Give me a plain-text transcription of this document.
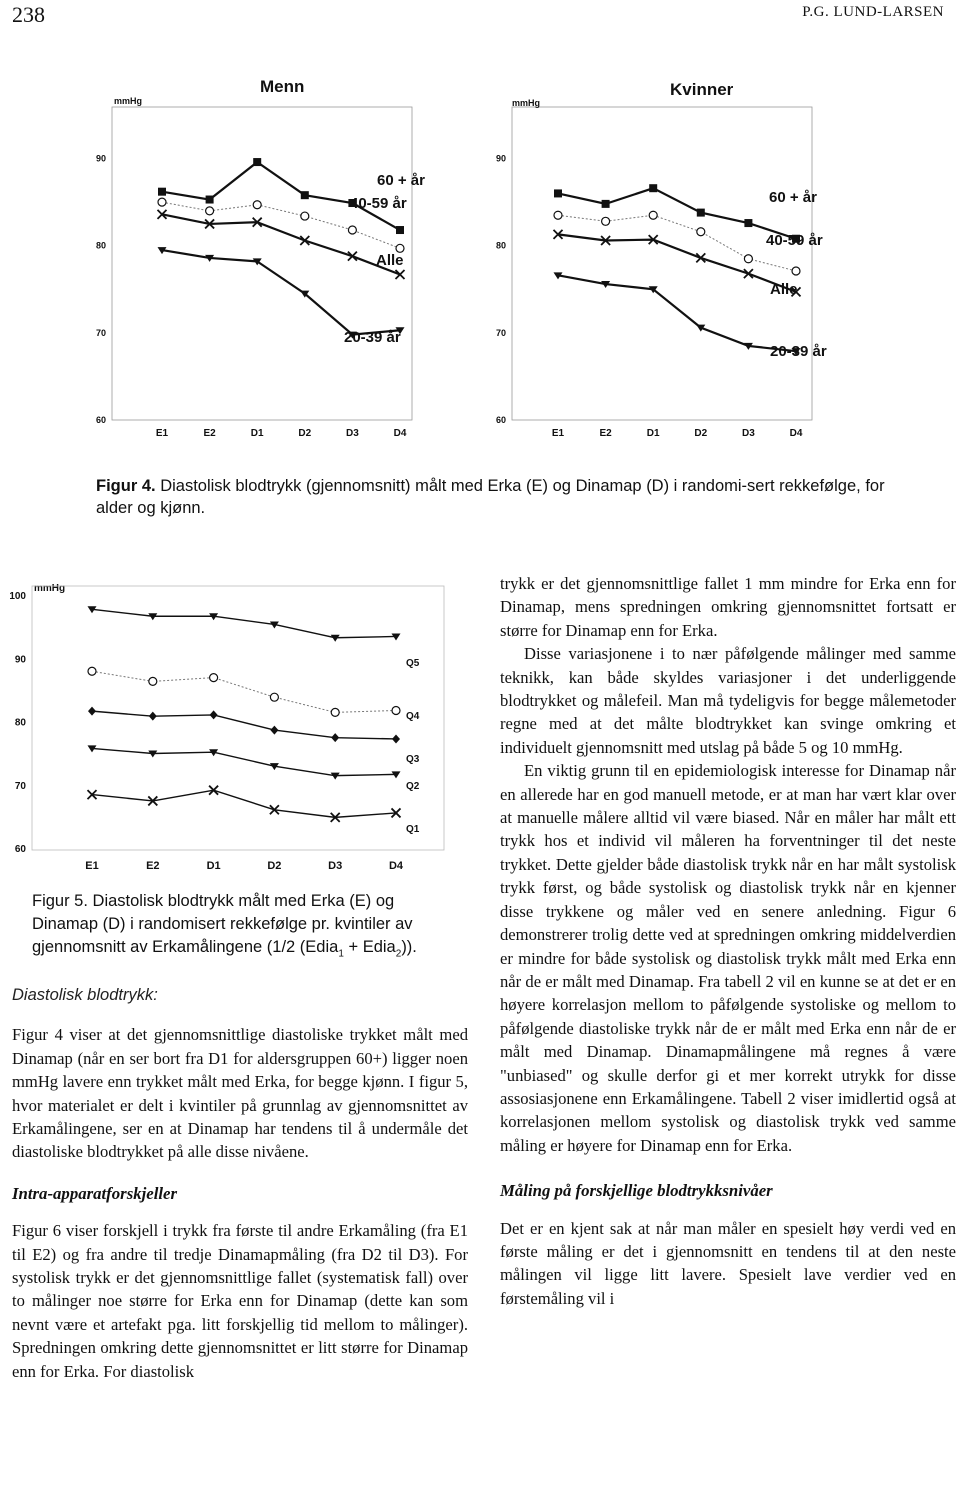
238	P.G. LUND-LARSEN
60
70
80
90
mmHg
E1	E2	D1	D2	D3	D4
Menn
60 + år
40-59 år
Alle
20-39 år
60
70
80
90
mmHg
E1	E2	D1	D2	D3	D4
Kvinner
60 + år
40-59 år
Alle
20-39 år
Figur 4. Diastolisk blodtrykk (gjennomsnitt) målt med Erka (E) og Dinamap (D) i randomi-sert rekkefølge, for alder og kjønn.
60
70
80
90
100
mmHg
E1	E2	D1	D2	D3	D4
Q5
Q4
Q3
Q2
Q1
Figur 5. Diastolisk blodtrykk målt med Erka (E) og Dinamap (D) i randomisert rekkefølge pr. kvintiler av gjennomsnitt av Erkamålingene (1/2 (Edia$_1$ + Edia$_2$)).

Diastolisk blodtrykk:

Figur 4 viser at det gjennomsnittlige diastoliske trykket målt med Dinamap (når en ser bort fra D1 for aldersgruppen 60+) ligger noen mmHg lavere enn trykket målt med Erka, for begge kjønn. I figur 5, hvor materialet er delt i kvintiler på grunnlag av gjennomsnittet av Erkamålingene, ser en at Dinamap har tendens til å undermåle det diastoliske blodtrykket på alle disse nivåene.

Intra-apparatforskjeller

Figur 6 viser forskjell i trykk fra første til andre Erkamåling (fra E1 til E2) og fra andre til tredje Dinamapmåling (fra D2 til D3). For systolisk trykk er det gjennomsnittlige fallet (systematisk fall) over to målinger noe større for Erka enn for Dinamap (dette kan som nevnt være et artefakt pga. litt forskjellig tid mellom to målinger). Spredningen omkring dette gjennomsnittet er litt større for Dinamap enn for Erka. For diastolisk

trykk er det gjennomsnittlige fallet 1 mm mindre for Erka enn for Dinamap, mens spredningen omkring gjennomsnittet fortsatt er større for Dinamap enn for Erka.

Disse variasjonene i to nær påfølgende målinger med samme teknikk, kan både skyldes variasjoner i det underliggende blodtrykket og målefeil. Man må tydeligvis for begge målemetoder regne med at det målte blodtrykket kan svinge omkring et individuelt gjennomsnitt med utslag på både 5 og 10 mmHg.

En viktig grunn til en epidemiologisk interesse for Dinamap når en allerede har en god manuell metode, er at man har vært klar over at manuelle målere alltid vil være biased. Når en måler har målt ett trykk hos et individ vil måleren ha forventninger til det neste trykket. Dette gjelder både diastolisk trykk når en har målt systolisk trykk først, og både systolisk og diastolisk trykk når en kjenner disse trykkene og måler ved en senere anledning. Figur 6 demonstrerer trolig dette ved at spredningen omkring middelverdien er mindre for både systolisk og diastolisk trykk målt med Erka enn når de er målt med Dinamap. Fra tabell 2 vil en kunne se at det er en høyere korrelasjon mellom to påfølgende systoliske og mellom to påfølgende diastoliske trykk når de er målt med Erka enn når de er målt med Dinamap. Dinamapmålingene må regnes å være "unbiased" og skulle derfor gi et mer korrekt utrykk for disse assosiasjonene enn Erkamålingene. Tabell 2 viser imidlertid også at korrelasjonen mellom systolisk og diastolisk trykk ved samme måling er høyere for Dinamap enn for Erka.

Måling på forskjellige blodtrykksnivåer

Det er en kjent sak at når man måler en spesielt høy verdi ved en første måling er det i gjennomsnitt en tendens til at den neste målingen vil ligge litt lavere. Spesielt lave verdier ved en førstemåling vil i
